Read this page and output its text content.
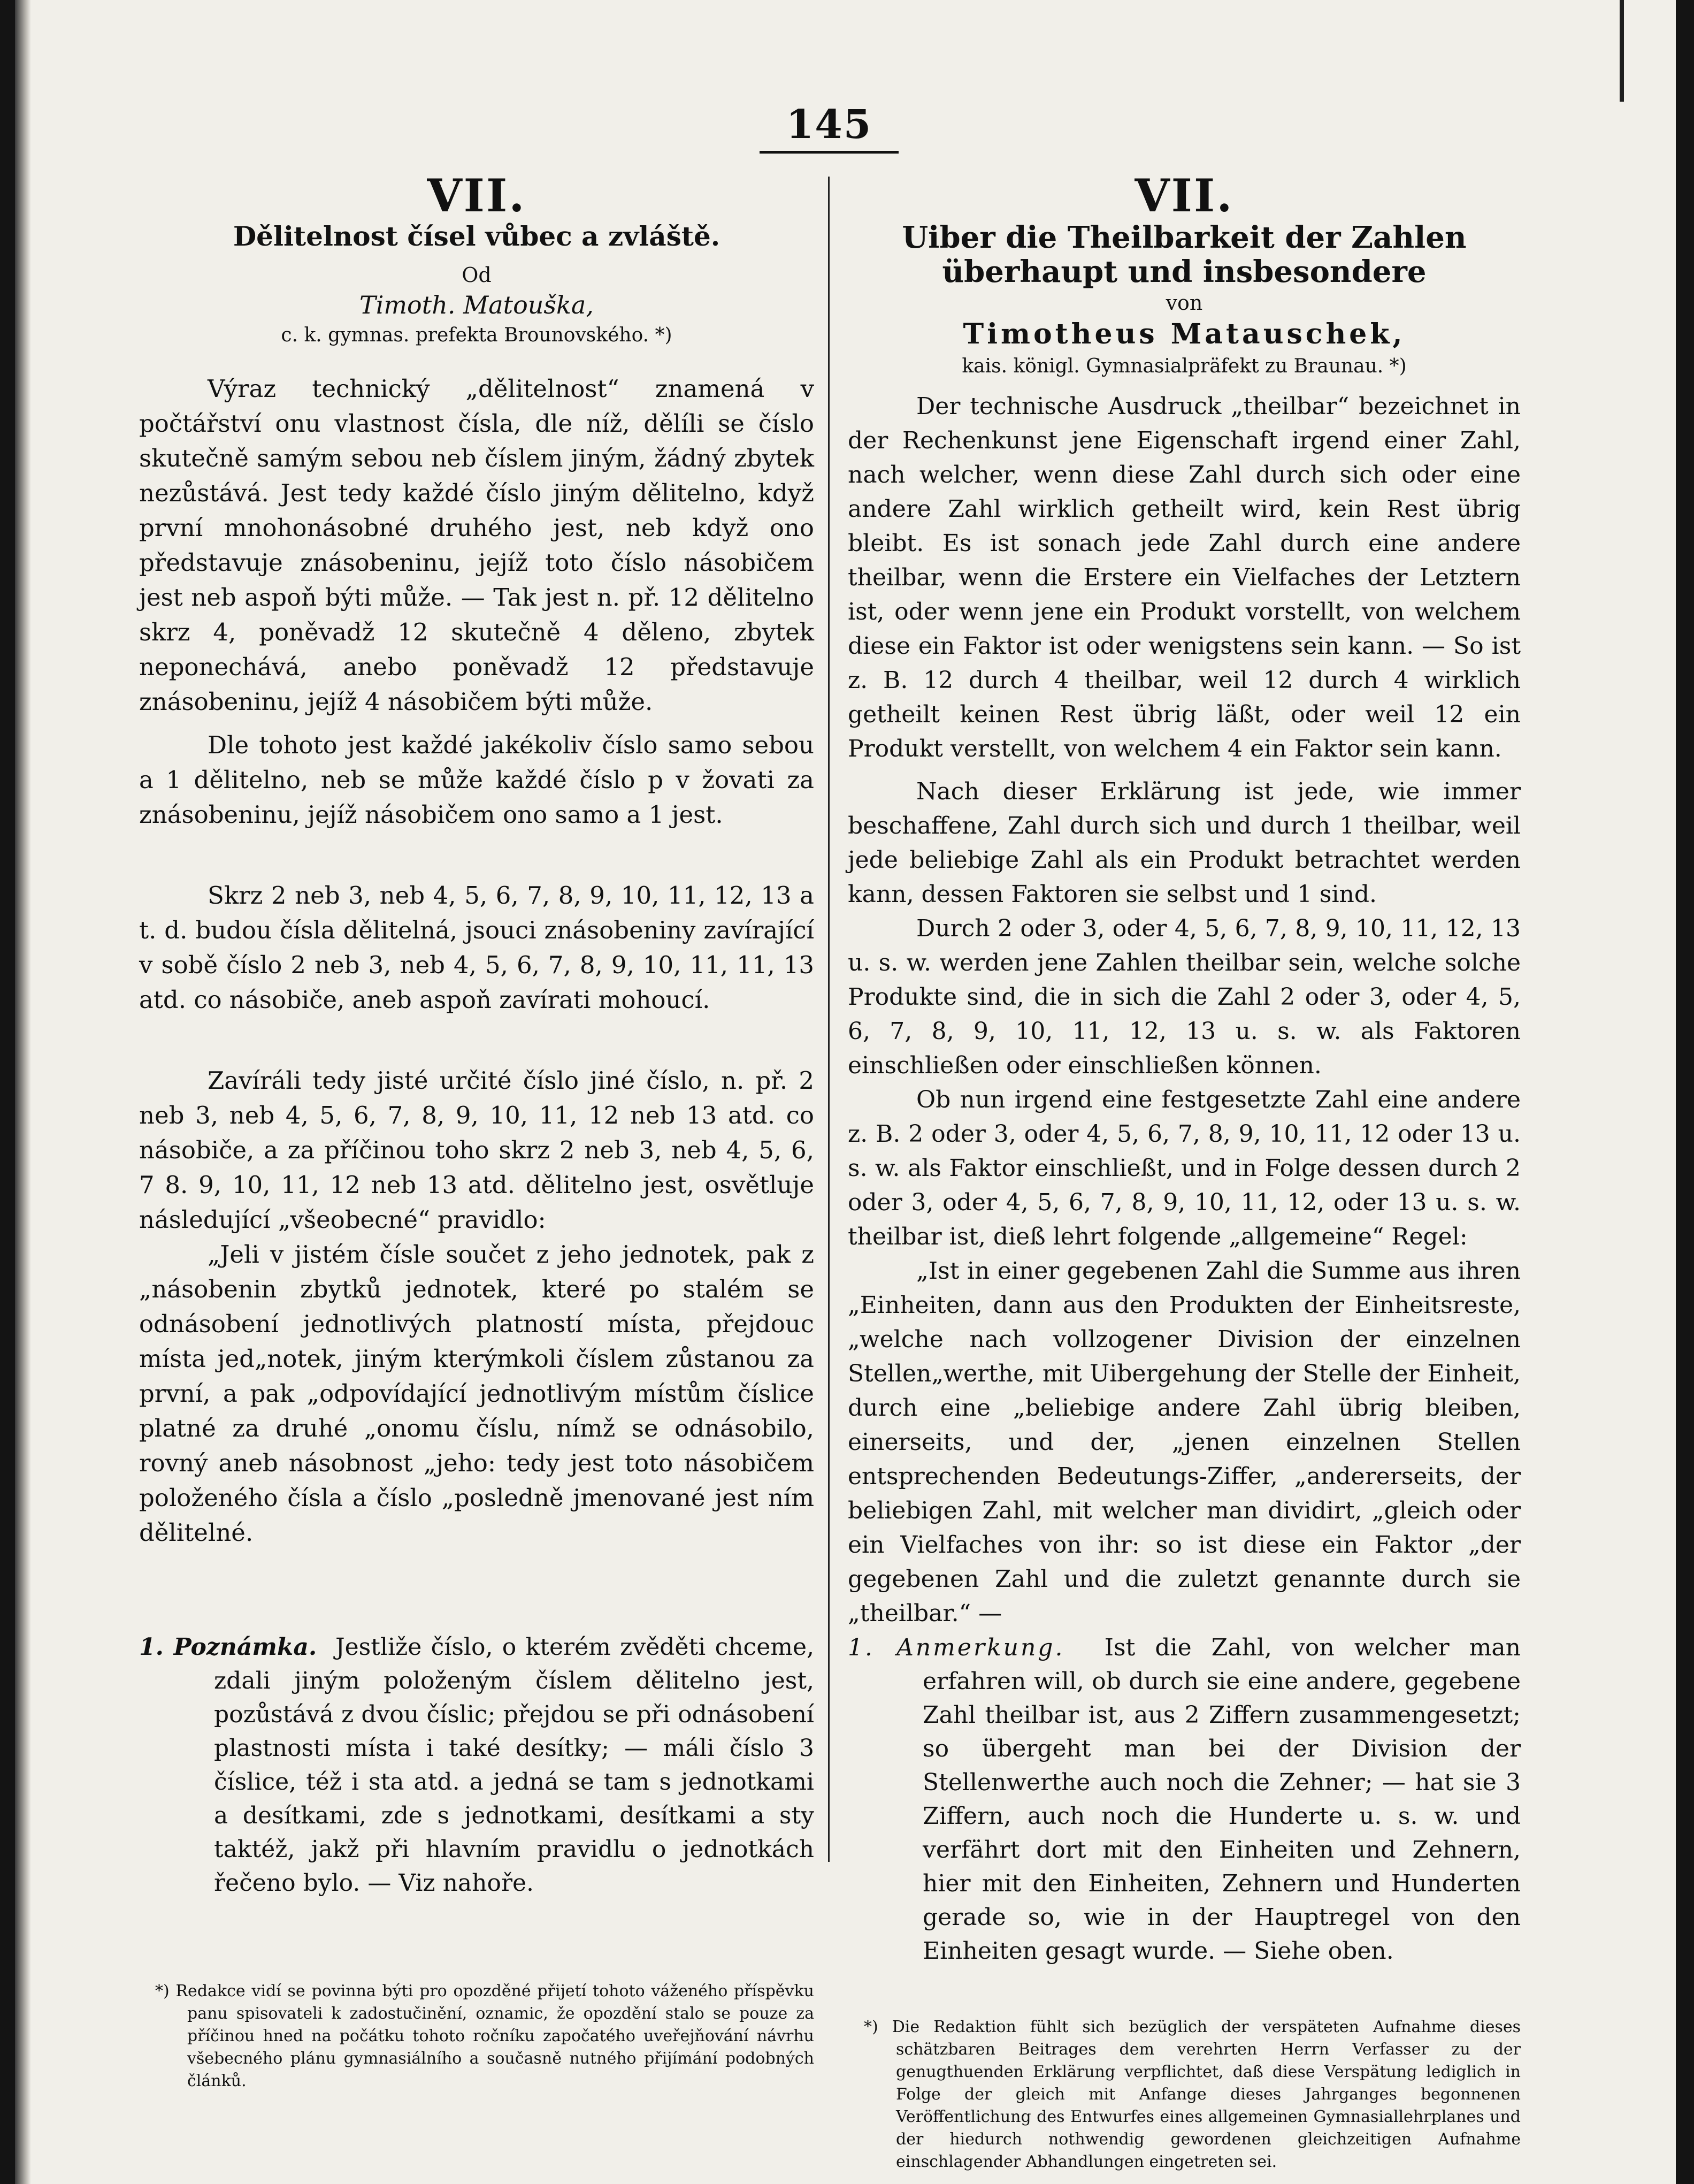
145
VII.
Dělitelnost čísel vůbec a zvláště.
Od
Timoth. Matouška,
c. k. gymnas. prefekta Brounovského. *)

Výraz technický „dělitelnost“ znamená v počtářství onu vlastnost čísla, dle níž, dělíli se číslo skutečně samým sebou neb číslem jiným, žádný zbytek nezůstává. Jest tedy každé číslo jiným dělitelno, když první mnohonásobné druhého jest, neb když ono představuje znásobeninu, jejíž toto číslo násobičem jest neb aspoň býti může. — Tak jest n. př. 12 dělitelno skrz 4, poněvadž 12 skutečně 4 děleno, zbytek neponechává, anebo poněvadž 12 představuje znásobeninu, jejíž 4 násobičem býti může.

Dle tohoto jest každé jakékoliv číslo samo sebou a 1 dělitelno, neb se může každé číslo p v žovati za znásobeninu, jejíž násobičem ono samo a 1 jest.

Skrz 2 neb 3, neb 4, 5, 6, 7, 8, 9, 10, 11, 12, 13 a t. d. budou čísla dělitelná, jsouci znásobeniny zavírající v sobě číslo 2 neb 3, neb 4, 5, 6, 7, 8, 9, 10, 11, 11, 13 atd. co násobiče, aneb aspoň zavírati mohoucí.

Zavíráli tedy jisté určité číslo jiné číslo, n. př. 2 neb 3, neb 4, 5, 6, 7, 8, 9, 10, 11, 12 neb 13 atd. co násobiče, a za příčinou toho skrz 2 neb 3, neb 4, 5, 6, 7 8. 9, 10, 11, 12 neb 13 atd. dělitelno jest, osvětluje následující „všeobecné“ pravidlo:

„Jeli v jistém čísle součet z jeho jednotek, pak z „násobenin zbytků jednotek, které po stalém se odnásobení jednotlivých platností místa, přejdouc místa jed„notek, jiným kterýmkoli číslem zůstanou za první, a pak „odpovídající jednotlivým místům číslice platné za druhé „onomu číslu, nímž se odnásobilo, rovný aneb násobnost „jeho: tedy jest toto násobičem položeného čísla a číslo „posledně jmenované jest ním dělitelné.

1. Poznámka. Jestliže číslo, o kterém zvěděti chceme, zdali jiným položeným číslem dělitelno jest, pozůstává z dvou číslic; přejdou se při odnásobení plastnosti místa i také desítky; — máli číslo 3 číslice, též i sta atd. a jedná se tam s jednotkami a desítkami, zde s jednotkami, desítkami a sty taktéž, jakž při hlavním pravidlu o jednotkách řečeno bylo. — Viz nahoře.

*) Redakce vidí se povinna býti pro opozděné přijetí tohoto váženého příspěvku panu spisovateli k zadostučinění, oznamic, že opozdění stalo se pouze za příčinou hned na počátku tohoto ročníku započatého uveřejňování návrhu všebecného plánu gymnasiálního a současně nutného přijímání podobných článků.

VII.
Uiber die Theilbarkeit der Zahlen überhaupt und insbesondere
von
Timotheus Matauschek,
kais. königl. Gymnasialpräfekt zu Braunau. *)

Der technische Ausdruck „theilbar“ bezeichnet in der Rechenkunst jene Eigenschaft irgend einer Zahl, nach welcher, wenn diese Zahl durch sich oder eine andere Zahl wirklich getheilt wird, kein Rest übrig bleibt. Es ist sonach jede Zahl durch eine andere theilbar, wenn die Erstere ein Vielfaches der Letztern ist, oder wenn jene ein Produkt vorstellt, von welchem diese ein Faktor ist oder wenigstens sein kann. — So ist z. B. 12 durch 4 theilbar, weil 12 durch 4 wirklich getheilt keinen Rest übrig läßt, oder weil 12 ein Produkt verstellt, von welchem 4 ein Faktor sein kann.

Nach dieser Erklärung ist jede, wie immer beschaffene, Zahl durch sich und durch 1 theilbar, weil jede beliebige Zahl als ein Produkt betrachtet werden kann, dessen Faktoren sie selbst und 1 sind.

Durch 2 oder 3, oder 4, 5, 6, 7, 8, 9, 10, 11, 12, 13 u. s. w. werden jene Zahlen theilbar sein, welche solche Produkte sind, die in sich die Zahl 2 oder 3, oder 4, 5, 6, 7, 8, 9, 10, 11, 12, 13 u. s. w. als Faktoren einschließen oder einschließen können.

Ob nun irgend eine festgesetzte Zahl eine andere z. B. 2 oder 3, oder 4, 5, 6, 7, 8, 9, 10, 11, 12 oder 13 u. s. w. als Faktor einschließt, und in Folge dessen durch 2 oder 3, oder 4, 5, 6, 7, 8, 9, 10, 11, 12, oder 13 u. s. w. theilbar ist, dieß lehrt folgende „allgemeine“ Regel:

„Ist in einer gegebenen Zahl die Summe aus ihren „Einheiten, dann aus den Produkten der Einheitsreste, „welche nach vollzogener Division der einzelnen Stellen„werthe, mit Uibergehung der Stelle der Einheit, durch eine „beliebige andere Zahl übrig bleiben, einerseits, und der, „jenen einzelnen Stellen entsprechenden Bedeutungs-Ziffer, „andererseits, der beliebigen Zahl, mit welcher man dividirt, „gleich oder ein Vielfaches von ihr: so ist diese ein Faktor „der gegebenen Zahl und die zuletzt genannte durch sie „theilbar.“ —

1. Anmerkung. Ist die Zahl, von welcher man erfahren will, ob durch sie eine andere, gegebene Zahl theilbar ist, aus 2 Ziffern zusammengesetzt; so übergeht man bei der Division der Stellenwerthe auch noch die Zehner; — hat sie 3 Ziffern, auch noch die Hunderte u. s. w. und verfährt dort mit den Einheiten und Zehnern, hier mit den Einheiten, Zehnern und Hunderten gerade so, wie in der Hauptregel von den Einheiten gesagt wurde. — Siehe oben.

*) Die Redaktion fühlt sich bezüglich der verspäteten Aufnahme dieses schätzbaren Beitrages dem verehrten Herrn Verfasser zu der genugthuenden Erklärung verpflichtet, daß diese Verspätung lediglich in Folge der gleich mit Anfange dieses Jahrganges begonnenen Veröffentlichung des Entwurfes eines allgemeinen Gymnasiallehrplanes und der hiedurch nothwendig gewordenen gleichzeitigen Aufnahme einschlagender Abhandlungen eingetreten sei.
